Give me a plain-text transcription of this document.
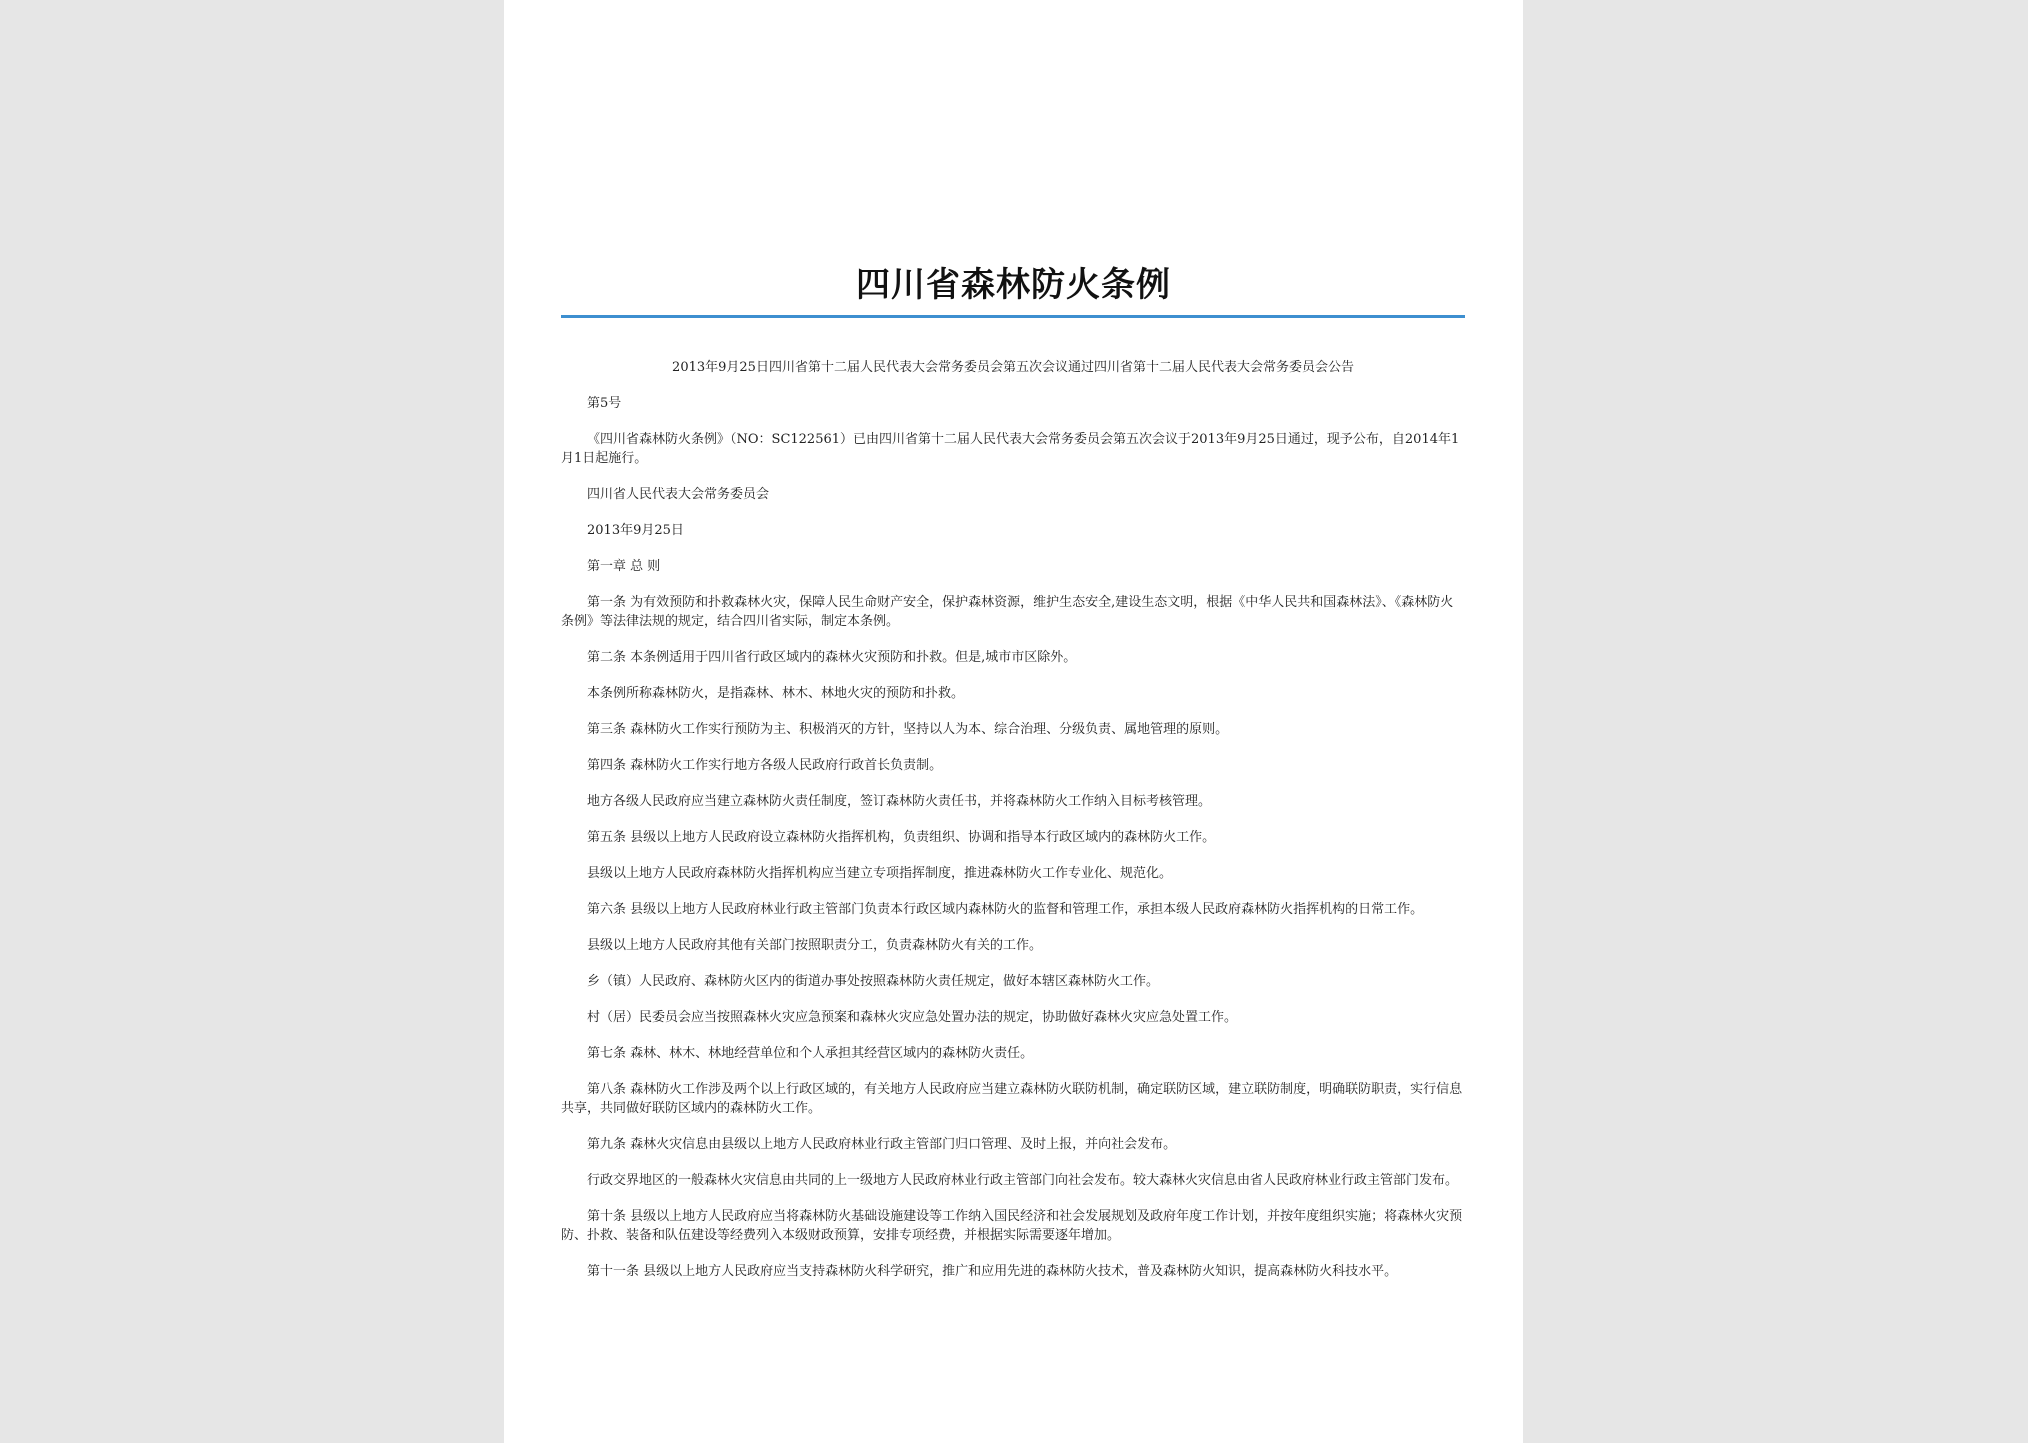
四川省森林防火条例

2013年9月25日四川省第十二届人民代表大会常务委员会第五次会议通过四川省第十二届人民代表大会常务委员会公告

第5号

《四川省森林防火条例》（NO：SC122561）已由四川省第十二届人民代表大会常务委员会第五次会议于2013年9月25日通过，现予公布，自2014年1月1日起施行。

四川省人民代表大会常务委员会

2013年9月25日

第一章 总 则

第一条 为有效预防和扑救森林火灾，保障人民生命财产安全，保护森林资源，维护生态安全,建设生态文明，根据《中华人民共和国森林法》、《森林防火条例》等法律法规的规定，结合四川省实际，制定本条例。

第二条 本条例适用于四川省行政区域内的森林火灾预防和扑救。但是,城市市区除外。

本条例所称森林防火，是指森林、林木、林地火灾的预防和扑救。

第三条 森林防火工作实行预防为主、积极消灭的方针，坚持以人为本、综合治理、分级负责、属地管理的原则。

第四条 森林防火工作实行地方各级人民政府行政首长负责制。

地方各级人民政府应当建立森林防火责任制度，签订森林防火责任书，并将森林防火工作纳入目标考核管理。

第五条 县级以上地方人民政府设立森林防火指挥机构，负责组织、协调和指导本行政区域内的森林防火工作。

县级以上地方人民政府森林防火指挥机构应当建立专项指挥制度，推进森林防火工作专业化、规范化。

第六条 县级以上地方人民政府林业行政主管部门负责本行政区域内森林防火的监督和管理工作，承担本级人民政府森林防火指挥机构的日常工作。

县级以上地方人民政府其他有关部门按照职责分工，负责森林防火有关的工作。

乡（镇）人民政府、森林防火区内的街道办事处按照森林防火责任规定，做好本辖区森林防火工作。

村（居）民委员会应当按照森林火灾应急预案和森林火灾应急处置办法的规定，协助做好森林火灾应急处置工作。

第七条 森林、林木、林地经营单位和个人承担其经营区域内的森林防火责任。

第八条 森林防火工作涉及两个以上行政区域的，有关地方人民政府应当建立森林防火联防机制，确定联防区域，建立联防制度，明确联防职责，实行信息共享，共同做好联防区域内的森林防火工作。

第九条 森林火灾信息由县级以上地方人民政府林业行政主管部门归口管理、及时上报，并向社会发布。

行政交界地区的一般森林火灾信息由共同的上一级地方人民政府林业行政主管部门向社会发布。较大森林火灾信息由省人民政府林业行政主管部门发布。

第十条 县级以上地方人民政府应当将森林防火基础设施建设等工作纳入国民经济和社会发展规划及政府年度工作计划，并按年度组织实施；将森林火灾预防、扑救、装备和队伍建设等经费列入本级财政预算，安排专项经费，并根据实际需要逐年增加。

第十一条 县级以上地方人民政府应当支持森林防火科学研究，推广和应用先进的森林防火技术，普及森林防火知识，提高森林防火科技水平。
